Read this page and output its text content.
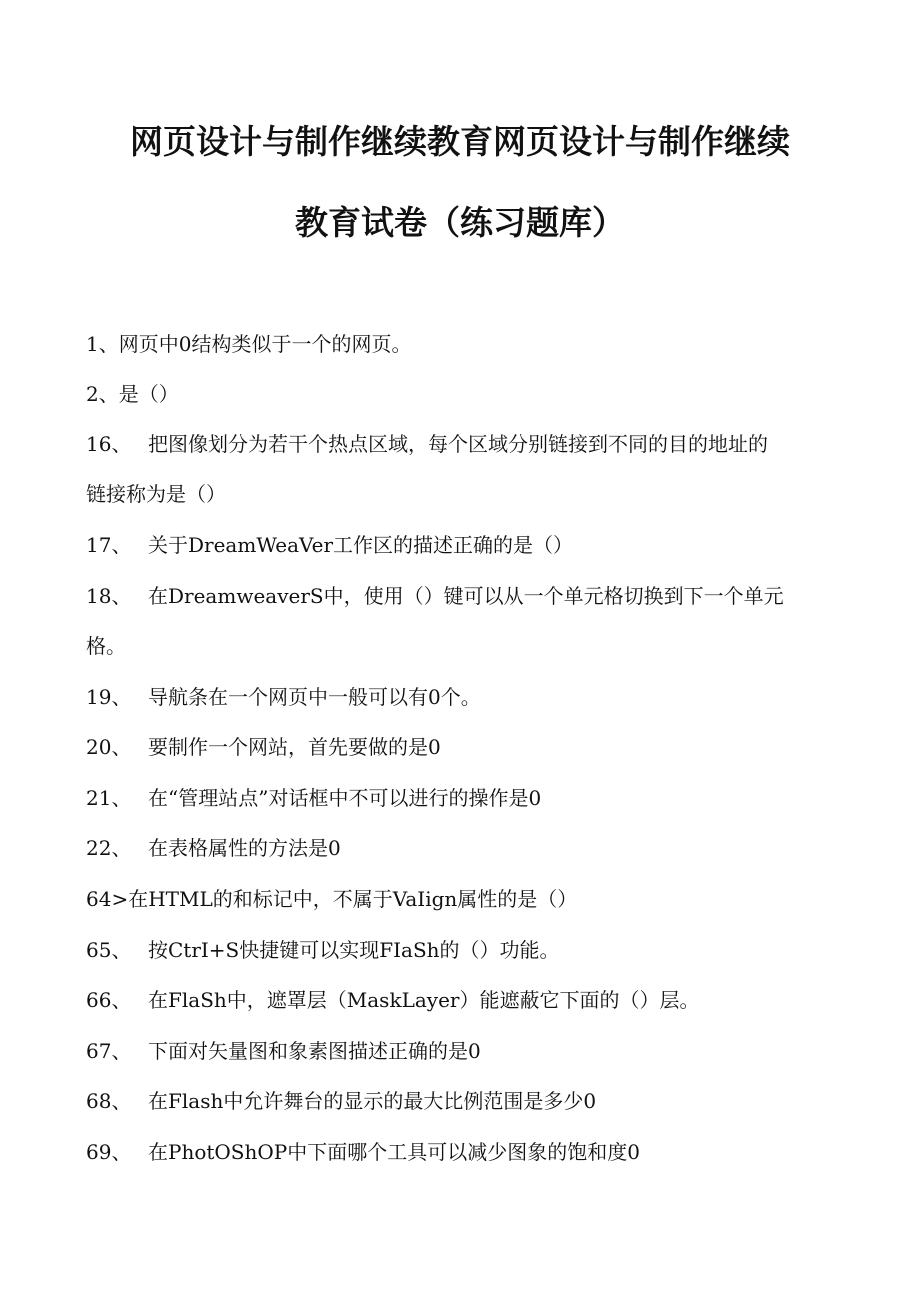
网页设计与制作继续教育网页设计与制作继续
教育试卷（练习题库）
1、网页中0结构类似于一个的网页。
2、是（）
16、 把图像划分为若干个热点区域，每个区域分别链接到不同的目的地址的
链接称为是（）
17、 关于DreamWeaVer工作区的描述正确的是（）
18、 在DreamweaverS中，使用（）键可以从一个单元格切换到下一个单元
格。
19、 导航条在一个网页中一般可以有0个。
20、 要制作一个网站，首先要做的是0
21、 在“管理站点”对话框中不可以进行的操作是0
22、 在表格属性的方法是0
64>在HTML的和标记中，不属于VaIign属性的是（）
65、 按CtrI+S快捷键可以实现FIaSh的（）功能。
66、 在FlaSh中，遮罩层（MaskLayer）能遮蔽它下面的（）层。
67、 下面对矢量图和象素图描述正确的是0
68、 在Flash中允许舞台的显示的最大比例范围是多少0
69、 在PhotOShOP中下面哪个工具可以减少图象的饱和度0
